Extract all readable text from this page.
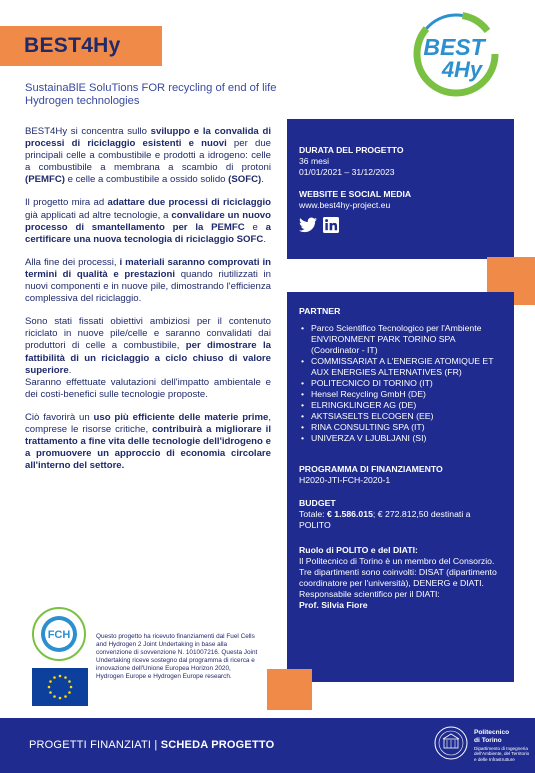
BEST4Hy	BEST
4Hy
SustainaBlE SoluTions FOR recycling of end of life
Hydrogen technologies

BEST4Hy si concentra sullo sviluppo e la convalida di processi di riciclaggio esistenti e nuovi per due principali celle a combustibile e prodotti a idrogeno: celle a combustibile a membrana a scambio di protoni (PEMFC) e celle a combustibile a ossido solido (SOFC).

Il progetto mira ad adattare due processi di riciclaggio già applicati ad altre tecnologie, a convalidare un nuovo processo di smantellamento per la PEMFC e a certificare una nuova tecnologia di riciclaggio SOFC.

Alla fine dei processi, i materiali saranno comprovati in termini di qualità e prestazioni quando riutilizzati in nuovi componenti e in nuove pile, dimostrando l'efficienza complessiva del riciclaggio.

Sono stati fissati obiettivi ambiziosi per il contenuto riciclato in nuove pile/celle e saranno convalidati dai produttori di celle a combustibile, per dimostrare la fattibilità di un riciclaggio a ciclo chiuso di valore superiore.

Saranno effettuate valutazioni dell'impatto ambientale e dei costi-benefici sulle tecnologie proposte.

Ciò favorirà un uso più efficiente delle materie prime, comprese le risorse critiche, contribuirà a migliorare il trattamento a fine vita delle tecnologie dell'idrogeno e a promuovere un approccio di economia circolare all'interno del settore.

DURATA DEL PROGETTO
36 mesi
01/01/2021 – 31/12/2023
WEBSITE E SOCIAL MEDIA
www.best4hy-project.eu
PARTNER
• Parco Scientifico Tecnologico per l'Ambiente ENVIRONMENT PARK TORINO SPA (Coordinator - IT)
• COMMISSARIAT A L'ENERGIE ATOMIQUE ET AUX ENERGIES ALTERNATIVES (FR)
• POLITECNICO DI TORINO (IT)
• Hensel Recycling GmbH (DE)
• ELRINGKLINGER AG (DE)
• AKTSIASELTS ELCOGEN (EE)
• RINA CONSULTING SPA (IT)
• UNIVERZA V LJUBLJANI (SI)
PROGRAMMA DI FINANZIAMENTO

H2020-JTI-FCH-2020-1

BUDGET

Totale: € 1.586.015; € 272.812,50 destinati a POLITO

Ruolo di POLITO e del DIATI:

Il Politecnico di Torino è un membro del Consorzio.

Tre dipartimenti sono coinvolti: DISAT (dipartimento coordinatore per l'università), DENERG e DIATI.

Responsabile scientifico per il DIATI:

Prof. Silvia Fiore

FCH	Questo progetto ha ricevuto finanziamenti dal Fuel Cells and Hydrogen 2 Joint Undertaking in base alla convenzione di sovvenzione N. 101007216. Questa Joint Undertaking riceve sostegno dal programma di ricerca e innovazione dell'Unione Europea Horizon 2020, Hydrogen Europe e Hydrogen Europe research.
PROGETTI FINANZIATI | SCHEDA PROGETTO
Politecnico
di Torino
Dipartimento di Ingegneria
dell'Ambiente, del Territorio
e delle Infrastrutture
